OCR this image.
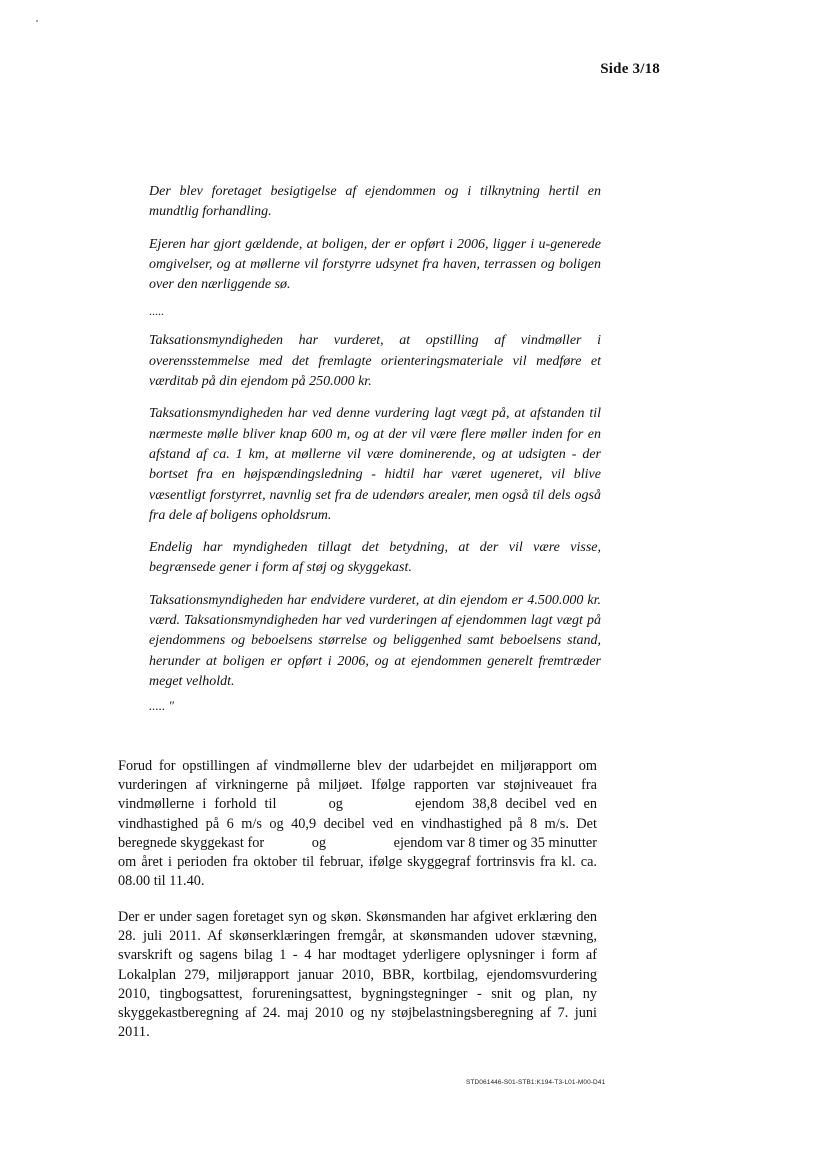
Side 3/18

Der blev foretaget besigtigelse af ejendommen og i tilknytning hertil en mundtlig forhandling.

Ejeren har gjort gældende, at boligen, der er opført i 2006, ligger i u-generede omgivelser, og at møllerne vil forstyrre udsynet fra haven, terrassen og boligen over den nærliggende sø.

.....

Taksationsmyndigheden har vurderet, at opstilling af vindmøller i overensstemmelse med det fremlagte orienteringsmateriale vil medføre et værditab på din ejendom på 250.000 kr.

Taksationsmyndigheden har ved denne vurdering lagt vægt på, at afstanden til nærmeste mølle bliver knap 600 m, og at der vil være flere møller inden for en afstand af ca. 1 km, at møllerne vil være dominerende, og at udsigten - der bortset fra en højspændingsledning - hidtil har været ugeneret, vil blive væsentligt forstyrret, navnlig set fra de udendørs arealer, men også til dels også fra dele af boligens opholdsrum.

Endelig har myndigheden tillagt det betydning, at der vil være visse, begrænsede gener i form af støj og skyggekast.

Taksationsmyndigheden har endvidere vurderet, at din ejendom er 4.500.000 kr. værd. Taksationsmyndigheden har ved vurderingen af ejendommen lagt vægt på ejendommens og beboelsens størrelse og beliggenhed samt beboelsens stand, herunder at boligen er opført i 2006, og at ejendommen generelt fremtræder meget velholdt.

..... "

Forud for opstillingen af vindmøllerne blev der udarbejdet en miljørapport om vurderingen af virkningerne på miljøet. Ifølge rapporten var støjniveauet fra vindmøllerne i forhold til	og	ejendom 38,8 decibel ved en vindhastighed på 6 m/s og 40,9 decibel ved en vindhastighed på 8 m/s. Det beregnede skyggekast for	og	ejendom var 8 timer og 35 minutter om året i perioden fra oktober til februar, ifølge skyggegraf fortrinsvis fra kl. ca. 08.00 til 11.40.

Der er under sagen foretaget syn og skøn. Skønsmanden har afgivet erklæring den 28. juli 2011. Af skønserklæringen fremgår, at skønsmanden udover stævning, svarskrift og sagens bilag 1 - 4 har modtaget yderligere oplysninger i form af Lokalplan 279, miljørapport januar 2010, BBR, kortbilag, ejendomsvurdering 2010, tingbogsattest, forureningsattest, bygningstegninger - snit og plan, ny skyggekastberegning af 24. maj 2010 og ny støjbelastningsberegning af 7. juni 2011.

STD061446-S01-STB1:K194-T3-L01-M00-D41
